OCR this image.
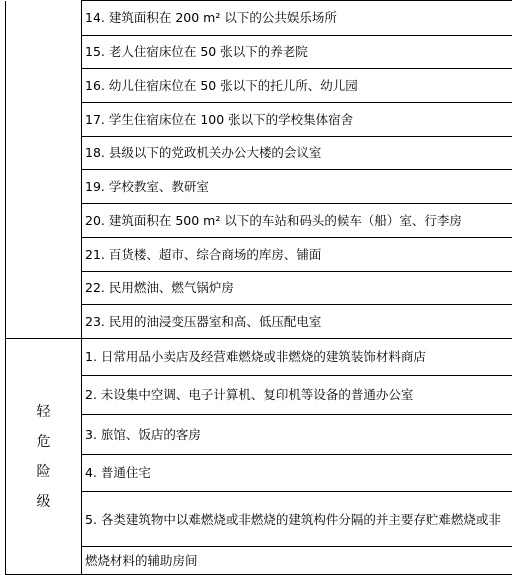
	14. 建筑面积在 200 m² 以下的公共娱乐场所
	15. 老人住宿床位在 50 张以下的养老院
	16. 幼儿住宿床位在 50 张以下的托儿所、幼儿园
	17. 学生住宿床位在 100 张以下的学校集体宿舍
	18. 县级以下的党政机关办公大楼的会议室
	19. 学校教室、教研室
	20. 建筑面积在 500 m² 以下的车站和码头的候车（船）室、行李房
	21. 百货楼、超市、综合商场的库房、铺面
	22. 民用燃油、燃气锅炉房
	23. 民用的油浸变压器室和高、低压配电室
轻危险级	1. 日常用品小卖店及经营难燃烧或非燃烧的建筑装饰材料商店
	2. 未设集中空调、电子计算机、复印机等设备的普通办公室
	3. 旅馆、饭店的客房
	4. 普通住宅
	5. 各类建筑物中以难燃烧或非燃烧的建筑构件分隔的并主要存贮难燃烧或非
	燃烧材料的辅助房间
